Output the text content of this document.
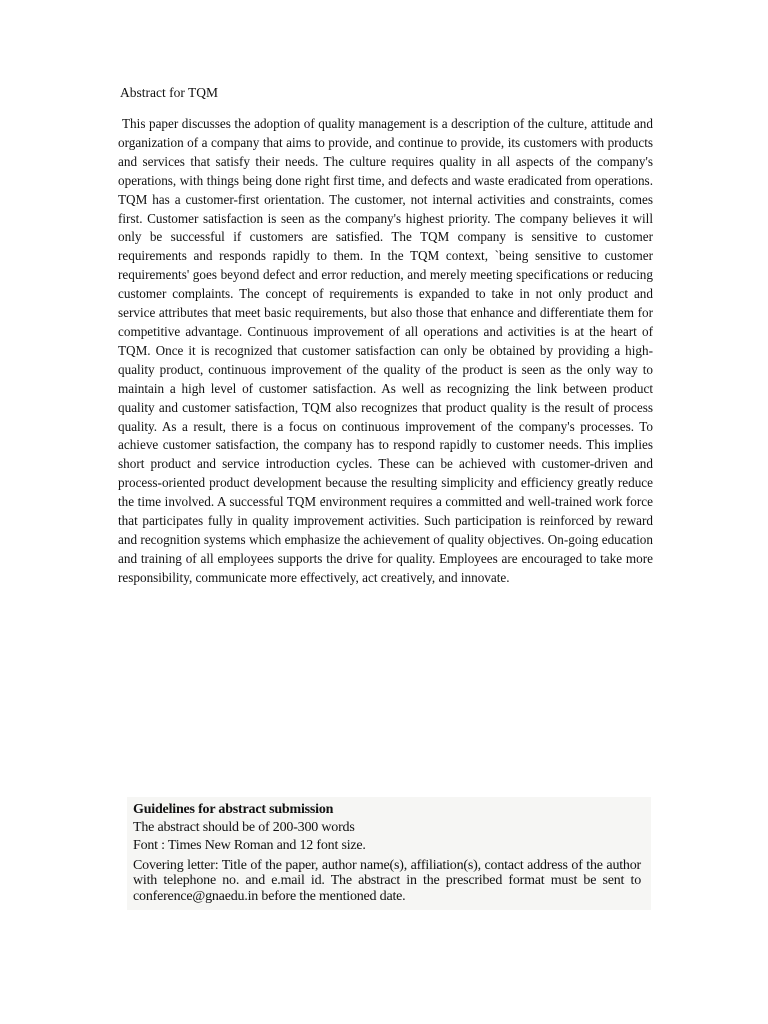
Abstract for TQM

This paper discusses the adoption of quality management is a description of the culture, attitude and organization of a company that aims to provide, and continue to provide, its customers with products and services that satisfy their needs. The culture requires quality in all aspects of the company's operations, with things being done right first time, and defects and waste eradicated from operations. TQM has a customer-first orientation. The customer, not internal activities and constraints, comes first. Customer satisfaction is seen as the company's highest priority. The company believes it will only be successful if customers are satisfied. The TQM company is sensitive to customer requirements and responds rapidly to them. In the TQM context, `being sensitive to customer requirements' goes beyond defect and error reduction, and merely meeting specifications or reducing customer complaints. The concept of requirements is expanded to take in not only product and service attributes that meet basic requirements, but also those that enhance and differentiate them for competitive advantage. Continuous improvement of all operations and activities is at the heart of TQM. Once it is recognized that customer satisfaction can only be obtained by providing a high-quality product, continuous improvement of the quality of the product is seen as the only way to maintain a high level of customer satisfaction. As well as recognizing the link between product quality and customer satisfaction, TQM also recognizes that product quality is the result of process quality. As a result, there is a focus on continuous improvement of the company's processes. To achieve customer satisfaction, the company has to respond rapidly to customer needs. This implies short product and service introduction cycles. These can be achieved with customer-driven and process-oriented product development because the resulting simplicity and efficiency greatly reduce the time involved. A successful TQM environment requires a committed and well-trained work force that participates fully in quality improvement activities. Such participation is reinforced by reward and recognition systems which emphasize the achievement of quality objectives. On-going education and training of all employees supports the drive for quality. Employees are encouraged to take more responsibility, communicate more effectively, act creatively, and innovate.

Guidelines for abstract submission

The abstract should be of 200-300 words

Font : Times New Roman and 12 font size.

Covering letter: Title of the paper, author name(s), affiliation(s), contact address of the author with telephone no. and e.mail id. The abstract in the prescribed format must be sent to conference@gnaedu.in before the mentioned date.
